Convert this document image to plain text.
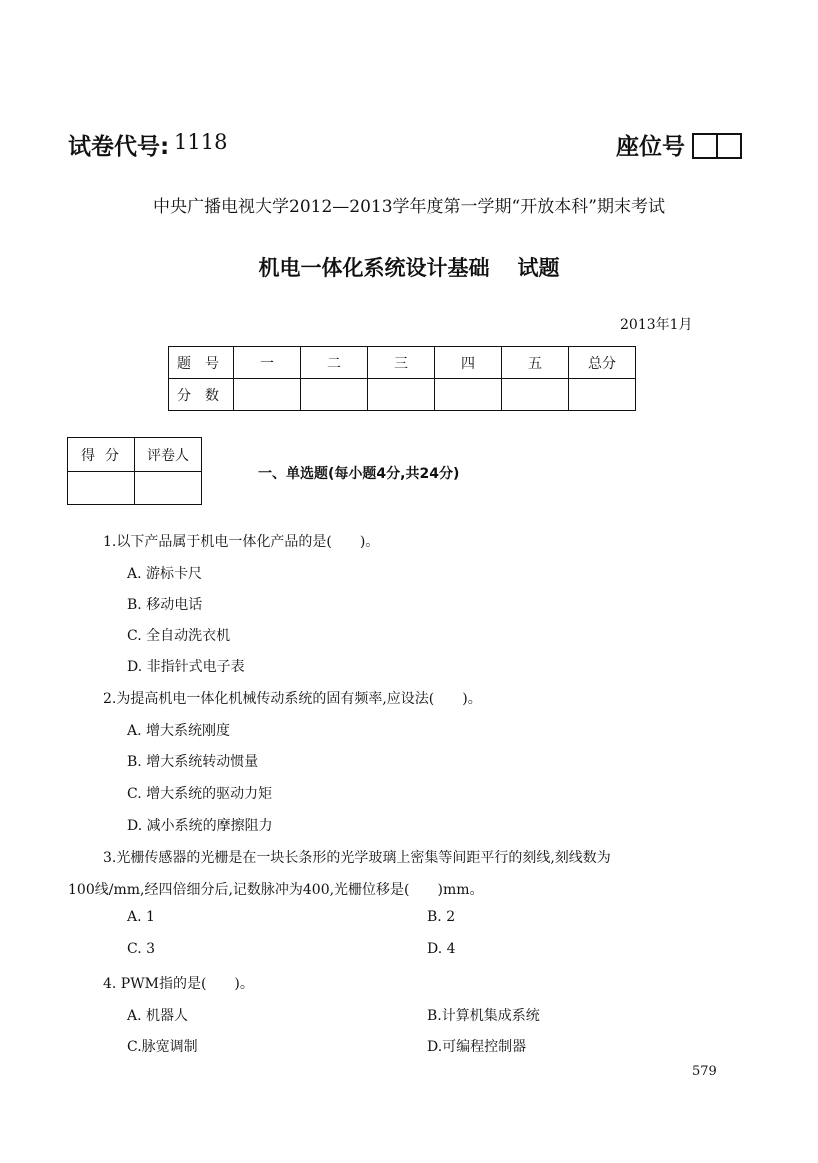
试卷代号: 1118	座位号
中央广播电视大学2012—2013学年度第一学期“开放本科”期末考试
机电一体化系统设计基础 试题
2013年1月
题号	一	二	三	四	五	总分
分数						
得分	评卷人

一、单选题(每小题4分,共24分)
1.以下产品属于机电一体化产品的是(　　)。
A. 游标卡尺
B. 移动电话
C. 全自动洗衣机
D. 非指针式电子表
2.为提高机电一体化机械传动系统的固有频率,应设法(　　)。
A. 增大系统刚度
B. 增大系统转动惯量
C. 增大系统的驱动力矩
D. 减小系统的摩擦阻力
3.光栅传感器的光栅是在一块长条形的光学玻璃上密集等间距平行的刻线,刻线数为
100线/mm,经四倍细分后,记数脉冲为400,光栅位移是(　　)mm。
A. 1	B. 2
C. 3	D. 4
4. PWM指的是(　　)。
A. 机器人	B.计算机集成系统
C.脉宽调制	D.可编程控制器
579
